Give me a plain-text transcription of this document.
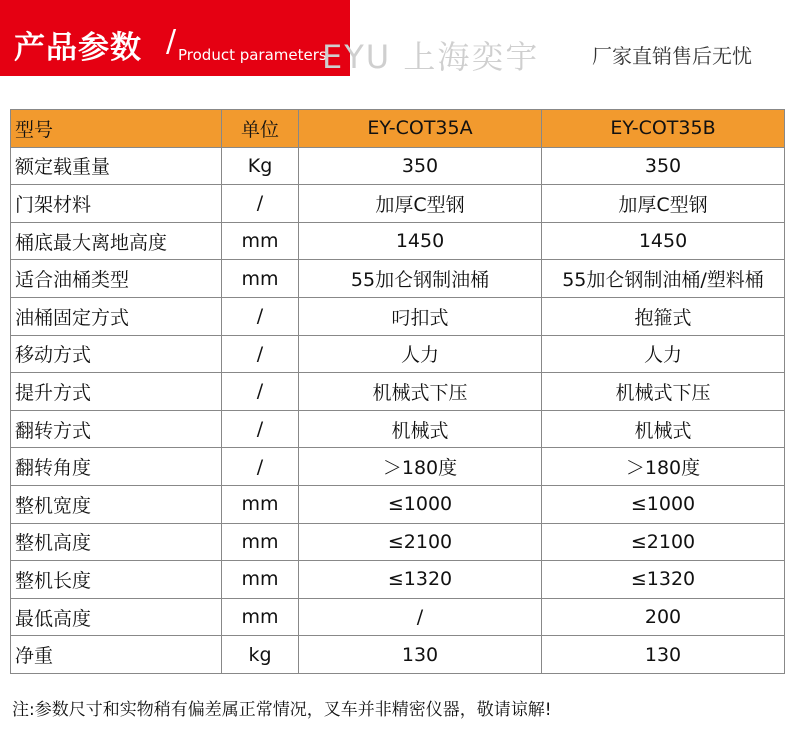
产品参数 / Product parameters
EYU 上海奕宇	厂家直销售后无忧
型号	单位	EY-COT35A	EY-COT35B
额定载重量	Kg	350	350
门架材料	/	加厚C型钢	加厚C型钢
桶底最大离地高度	mm	1450	1450
适合油桶类型	mm	55加仑钢制油桶	55加仑钢制油桶/塑料桶
油桶固定方式	/	叼扣式	抱箍式
移动方式	/	人力	人力
提升方式	/	机械式下压	机械式下压
翻转方式	/	机械式	机械式
翻转角度	/	＞180度	＞180度
整机宽度	mm	≤1000	≤1000
整机高度	mm	≤2100	≤2100
整机长度	mm	≤1320	≤1320
最低高度	mm	/	200
净重	kg	130	130
注:参数尺寸和实物稍有偏差属正常情况，叉车并非精密仪器，敬请谅解!
